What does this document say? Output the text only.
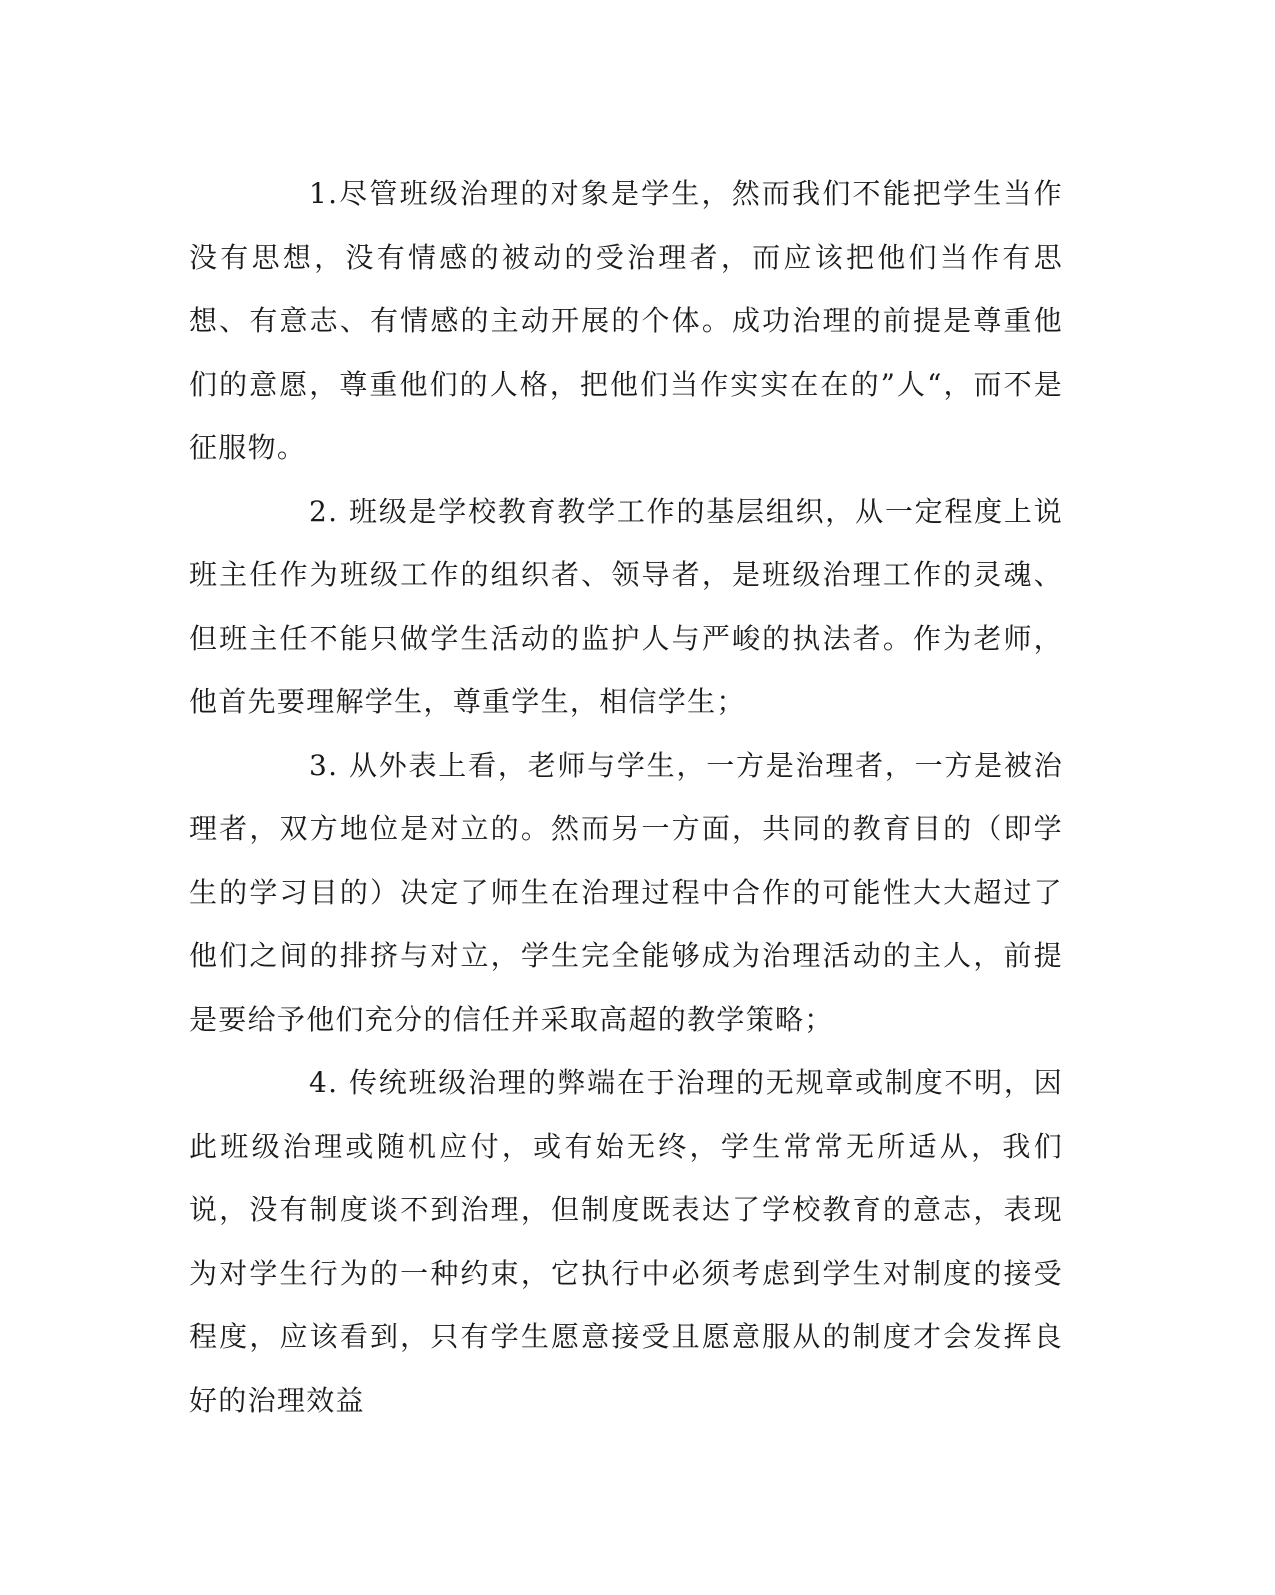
1.尽管班级治理的对象是学生，然而我们不能把学生当作没有思想，没有情感的被动的受治理者，而应该把他们当作有思想、有意志、有情感的主动开展的个体。成功治理的前提是尊重他们的意愿，尊重他们的人格，把他们当作实实在在的”人“，而不是征服物。

2. 班级是学校教育教学工作的基层组织，从一定程度上说班主任作为班级工作的组织者、领导者，是班级治理工作的灵魂、但班主任不能只做学生活动的监护人与严峻的执法者。作为老师，他首先要理解学生，尊重学生，相信学生；

3. 从外表上看，老师与学生，一方是治理者，一方是被治理者，双方地位是对立的。然而另一方面，共同的教育目的（即学生的学习目的）决定了师生在治理过程中合作的可能性大大超过了他们之间的排挤与对立，学生完全能够成为治理活动的主人，前提是要给予他们充分的信任并采取高超的教学策略；

4. 传统班级治理的弊端在于治理的无规章或制度不明，因此班级治理或随机应付，或有始无终，学生常常无所适从，我们说，没有制度谈不到治理，但制度既表达了学校教育的意志，表现为对学生行为的一种约束，它执行中必须考虑到学生对制度的接受程度，应该看到，只有学生愿意接受且愿意服从的制度才会发挥良好的治理效益
